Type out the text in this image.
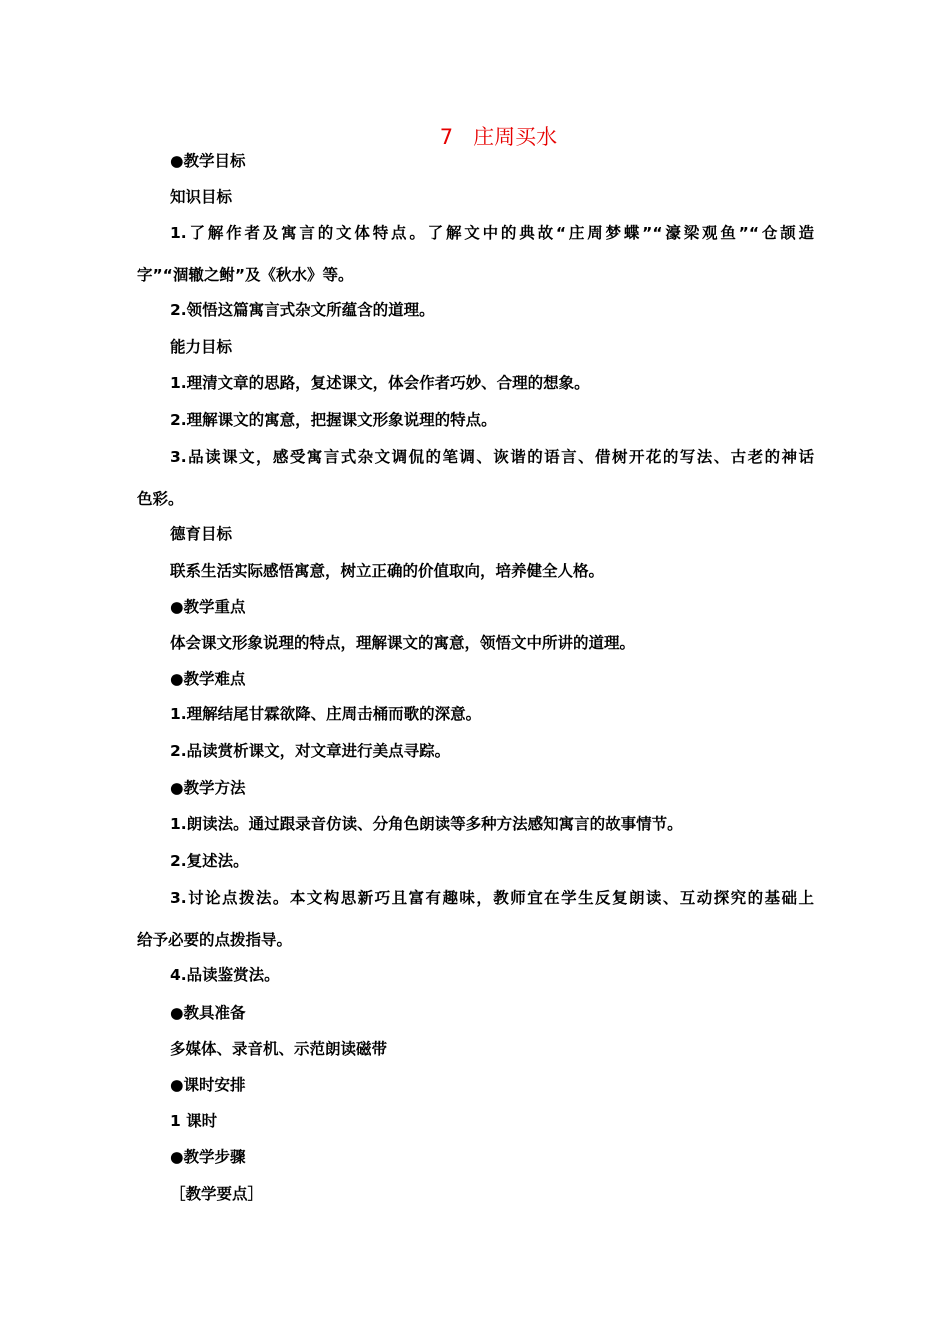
7   庄周买水
●教学目标
知识目标
1.了解作者及寓言的文体特点。了解文中的典故“庄周梦蝶”“濠梁观鱼”“仓颉造
字”“涸辙之鲋”及《秋水》等。
2.领悟这篇寓言式杂文所蕴含的道理。
能力目标
1.理清文章的思路，复述课文，体会作者巧妙、合理的想象。
2.理解课文的寓意，把握课文形象说理的特点。
3.品读课文，感受寓言式杂文调侃的笔调、诙谐的语言、借树开花的写法、古老的神话
色彩。
德育目标
联系生活实际感悟寓意，树立正确的价值取向，培养健全人格。
●教学重点
体会课文形象说理的特点，理解课文的寓意，领悟文中所讲的道理。
●教学难点
1.理解结尾甘霖欲降、庄周击桶而歌的深意。
2.品读赏析课文，对文章进行美点寻踪。
●教学方法
1.朗读法。通过跟录音仿读、分角色朗读等多种方法感知寓言的故事情节。
2.复述法。
3.讨论点拨法。本文构思新巧且富有趣味，教师宜在学生反复朗读、互动探究的基础上
给予必要的点拨指导。
4.品读鉴赏法。
●教具准备
多媒体、录音机、示范朗读磁带
●课时安排
1 课时
●教学步骤
［教学要点］
